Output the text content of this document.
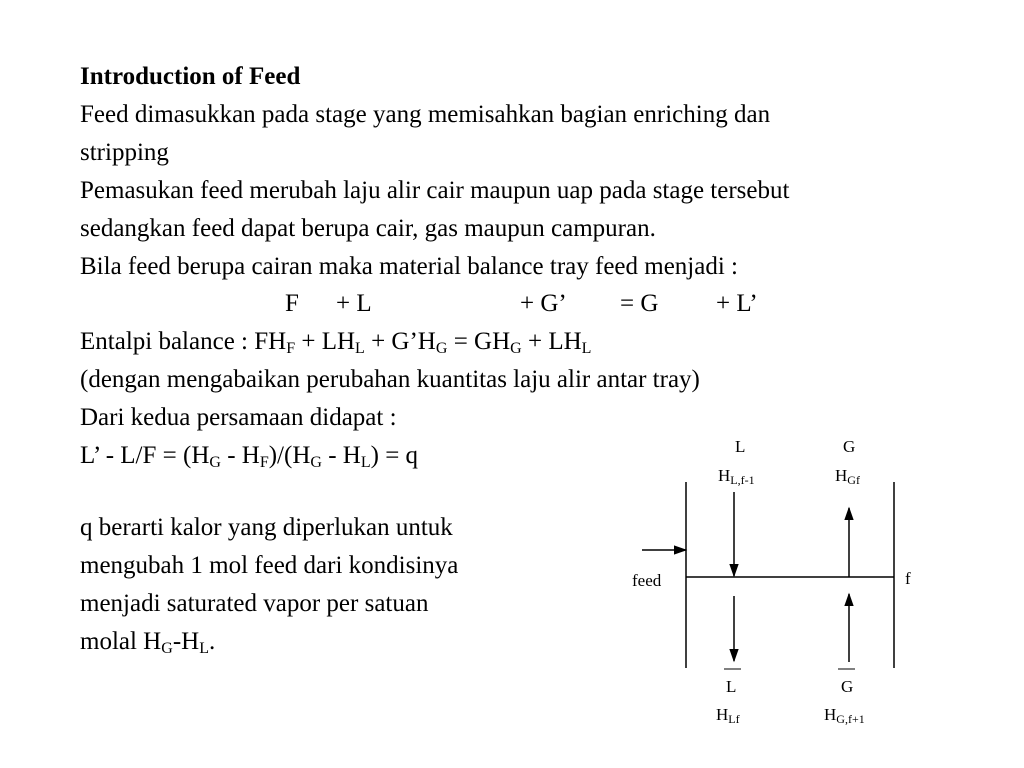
Introduction of Feed
Feed dimasukkan pada stage yang memisahkan bagian enriching dan
stripping
Pemasukan feed merubah laju alir cair maupun uap pada stage tersebut
sedangkan feed dapat berupa cair, gas maupun campuran.
Bila feed berupa cairan maka material balance tray feed menjadi :
F + L	+ G’ = G + L’
Entalpi balance : $FH_F + LH_L$ + $G’H_G = GH_G + LH_L$
(dengan mengabaikan perubahan kuantitas laju alir antar tray)
Dari kedua persamaan didapat :
L’ - $L/F = (H_G - H_F)/(H_G - H_L) = q$
q berarti kalor yang diperlukan untuk
mengubah 1 mol feed dari kondisinya
menjadi saturated vapor per satuan
molal $H_G-H_L$.
L
$H_{L,f-1}$
G
$H_{Gf}$
feed	f
L
$H_{Lf}$
G
$H_{G,f+1}$
